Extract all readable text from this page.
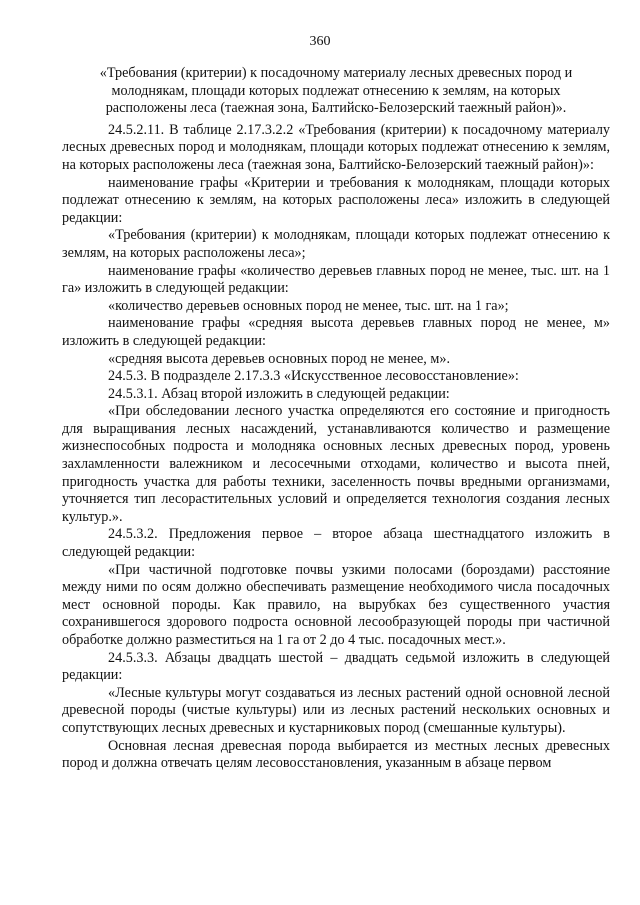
360

«Требования (критерии) к посадочному материалу лесных древесных пород и молоднякам, площади которых подлежат отнесению к землям, на которых расположены леса (таежная зона, Балтийско-Белозерский таежный район)».

24.5.2.11. В таблице 2.17.3.2.2 «Требования (критерии) к посадочному материалу лесных древесных пород и молоднякам, площади которых подлежат отнесению к землям, на которых расположены леса (таежная зона, Балтийско-Белозерский таежный район)»:

наименование графы «Критерии и требования к молоднякам, площади которых подлежат отнесению к землям, на которых расположены леса» изложить в следующей редакции:

«Требования (критерии) к молоднякам, площади которых подлежат отнесению к землям, на которых расположены леса»;

наименование графы «количество деревьев главных пород не менее, тыс. шт. на 1 га» изложить в следующей редакции:

«количество деревьев основных пород не менее, тыс. шт. на 1 га»;

наименование графы «средняя высота деревьев главных пород не менее, м» изложить в следующей редакции:

«средняя высота деревьев основных пород не менее, м».

24.5.3. В подразделе 2.17.3.3 «Искусственное лесовосстановление»:

24.5.3.1. Абзац второй изложить в следующей редакции:

«При обследовании лесного участка определяются его состояние и пригодность для выращивания лесных насаждений, устанавливаются количество и размещение жизнеспособных подроста и молодняка основных лесных древесных пород, уровень захламленности валежником и лесосечными отходами, количество и высота пней, пригодность участка для работы техники, заселенность почвы вредными организмами, уточняется тип лесорастительных условий и определяется технология создания лесных культур.».

24.5.3.2. Предложения первое – второе абзаца шестнадцатого изложить в следующей редакции:

«При частичной подготовке почвы узкими полосами (бороздами) расстояние между ними по осям должно обеспечивать размещение необходимого числа посадочных мест основной породы. Как правило, на вырубках без существенного участия сохранившегося здорового подроста основной лесообразующей породы при частичной обработке должно разместиться на 1 га от 2 до 4 тыс. посадочных мест.».

24.5.3.3. Абзацы двадцать шестой – двадцать седьмой изложить в следующей редакции:

«Лесные культуры могут создаваться из лесных растений одной основной лесной древесной породы (чистые культуры) или из лесных растений нескольких основных и сопутствующих лесных древесных и кустарниковых пород (смешанные культуры).

Основная лесная древесная порода выбирается из местных лесных древесных пород и должна отвечать целям лесовосстановления, указанным в абзаце первом
